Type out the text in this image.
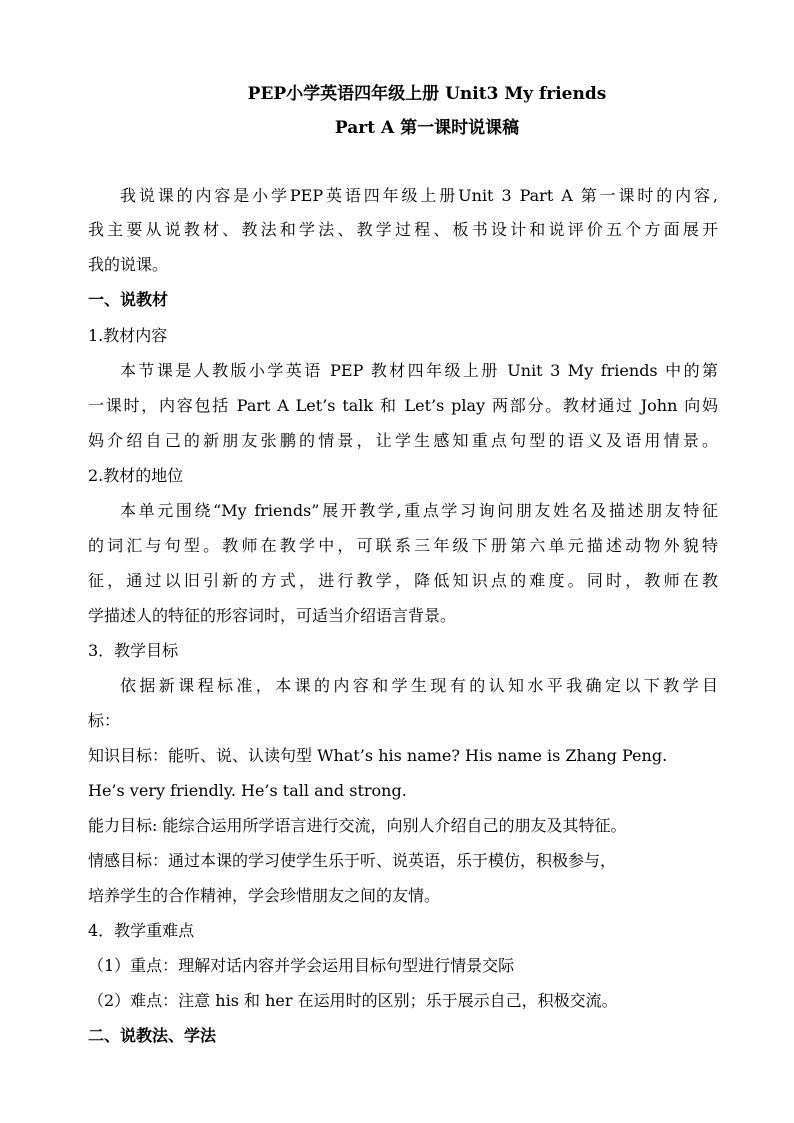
PEP小学英语四年级上册 Unit3 My friends
Part A 第一课时说课稿
我说课的内容是小学PEP英语四年级上册Unit 3 Part A 第一课时的内容,
我主要从说教材、教法和学法、教学过程、板书设计和说评价五个方面展开
我的说课。
一、说教材
1.教材内容
本节课是人教版小学英语 PEP 教材四年级上册 Unit 3 My friends 中的第
一课时，内容包括 Part A Let’s talk 和 Let’s play 两部分。教材通过 John 向妈
妈介绍自己的新朋友张鹏的情景，让学生感知重点句型的语义及语用情景。
2.教材的地位
本单元围绕“My friends”展开教学,重点学习询问朋友姓名及描述朋友特征
的词汇与句型。教师在教学中，可联系三年级下册第六单元描述动物外貌特
征，通过以旧引新的方式，进行教学，降低知识点的难度。同时，教师在教
学描述人的特征的形容词时，可适当介绍语言背景。
3．教学目标
依据新课程标准，本课的内容和学生现有的认知水平我确定以下教学目
标：
知识目标：能听、说、认读句型 What’s his name? His name is Zhang Peng.
He’s very friendly. He’s tall and strong.
能力目标: 能综合运用所学语言进行交流，向别人介绍自己的朋友及其特征。
情感目标：通过本课的学习使学生乐于听、说英语，乐于模仿，积极参与，
培养学生的合作精神，学会珍惜朋友之间的友情。
4．教学重难点
（1）重点：理解对话内容并学会运用目标句型进行情景交际
（2）难点：注意 his 和 her 在运用时的区别；乐于展示自己，积极交流。
二、说教法、学法
